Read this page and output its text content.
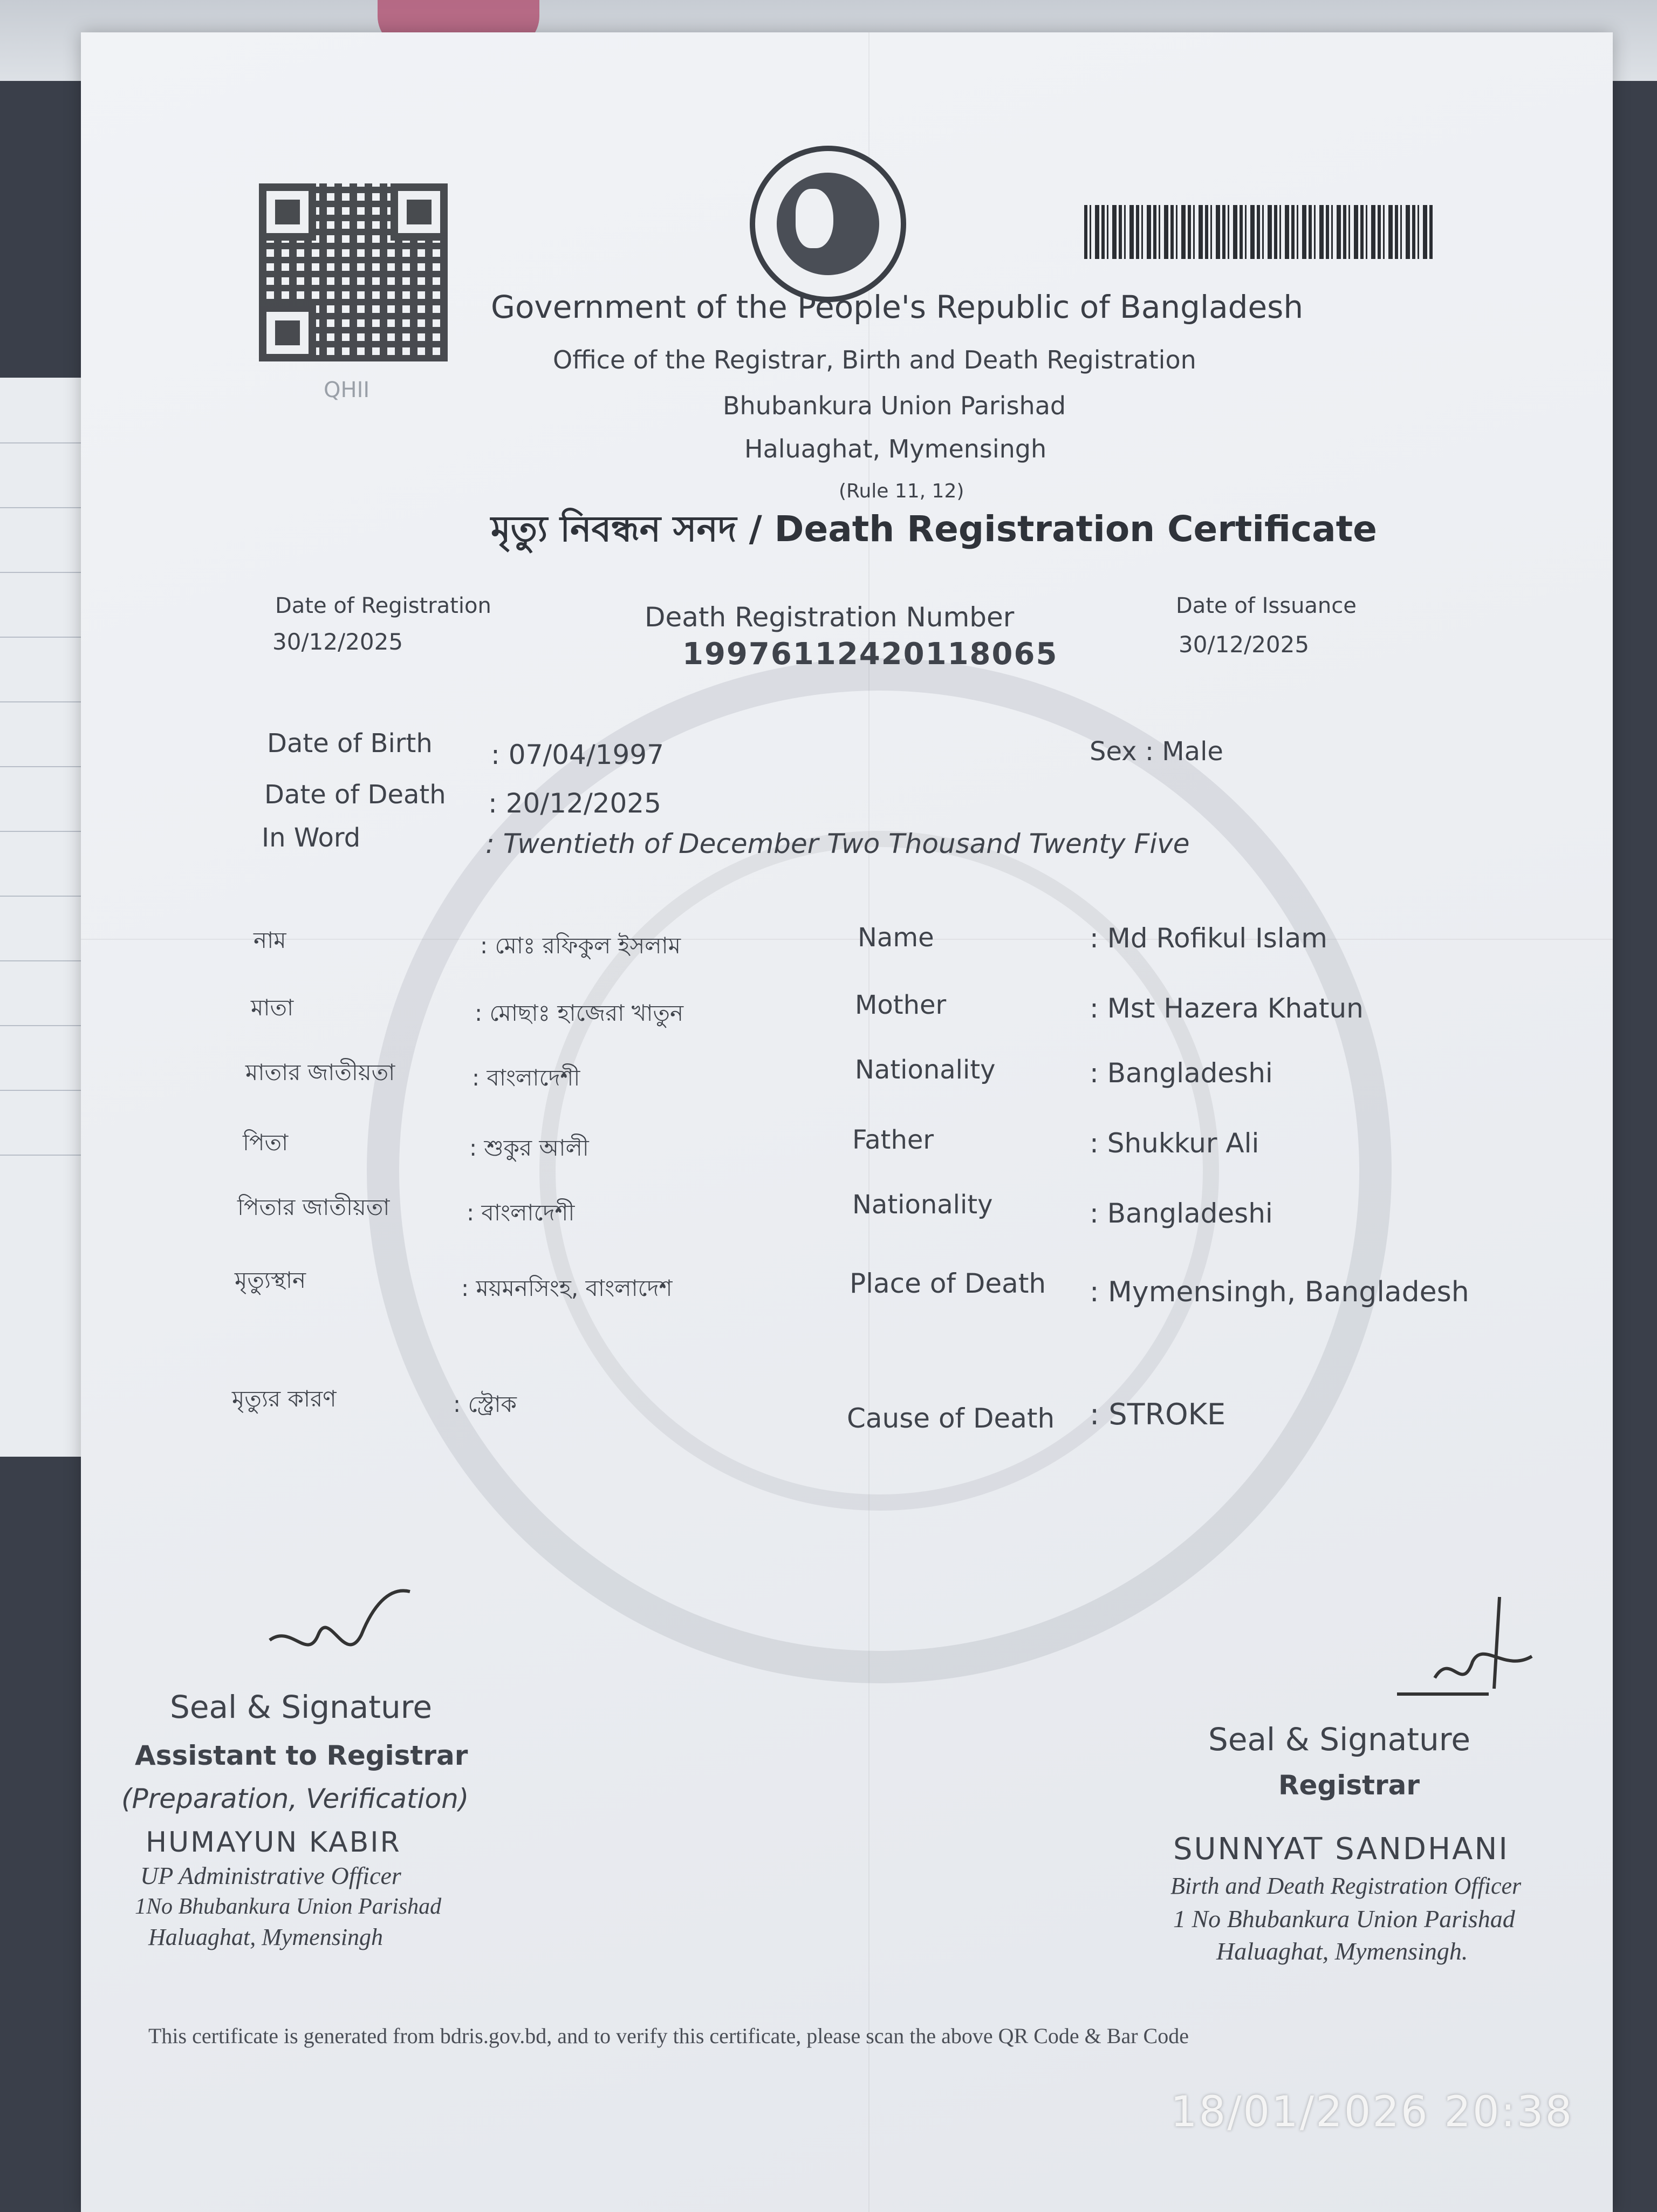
QHII
Government of the People's Republic of Bangladesh
Office of the Registrar, Birth and Death Registration
Bhubankura Union Parishad
Haluaghat, Mymensingh
(Rule 11, 12)
মৃত্যু নিবন্ধন সনদ / Death Registration Certificate
Date of Registration
30/12/2025
Death Registration Number
19976112420118065
Date of Issuance
30/12/2025
Date of Birth : 07/04/1997	Sex : Male
Date of Death : 20/12/2025
In Word	: Twentieth of December Two Thousand Twenty Five
নাম	: মোঃ রফিকুল ইসলাম	Name	: Md Rofikul Islam
মাতা	: মোছাঃ হাজেরা খাতুন	Mother	: Mst Hazera Khatun
মাতার জাতীয়তা	: বাংলাদেশী	Nationality	: Bangladeshi
পিতা	: শুকুর আলী	Father	: Shukkur Ali
পিতার জাতীয়তা	: বাংলাদেশী	Nationality	: Bangladeshi
মৃত্যুস্থান	: ময়মনসিংহ, বাংলাদেশ	Place of Death : Mymensingh, Bangladesh
মৃত্যুর কারণ	: স্ট্রোক	Cause of Death : STROKE
Seal & Signature
Assistant to Registrar
(Preparation, Verification)
HUMAYUN KABIR
UP Administrative Officer
1No Bhubankura Union Parishad
Haluaghat, Mymensingh
Seal & Signature
Registrar
SUNNYAT SANDHANI
Birth and Death Registration Officer
1 No Bhubankura Union Parishad
Haluaghat, Mymensingh.
This certificate is generated from bdris.gov.bd, and to verify this certificate, please scan the above QR Code & Bar Code
18/01/2026 20:38
